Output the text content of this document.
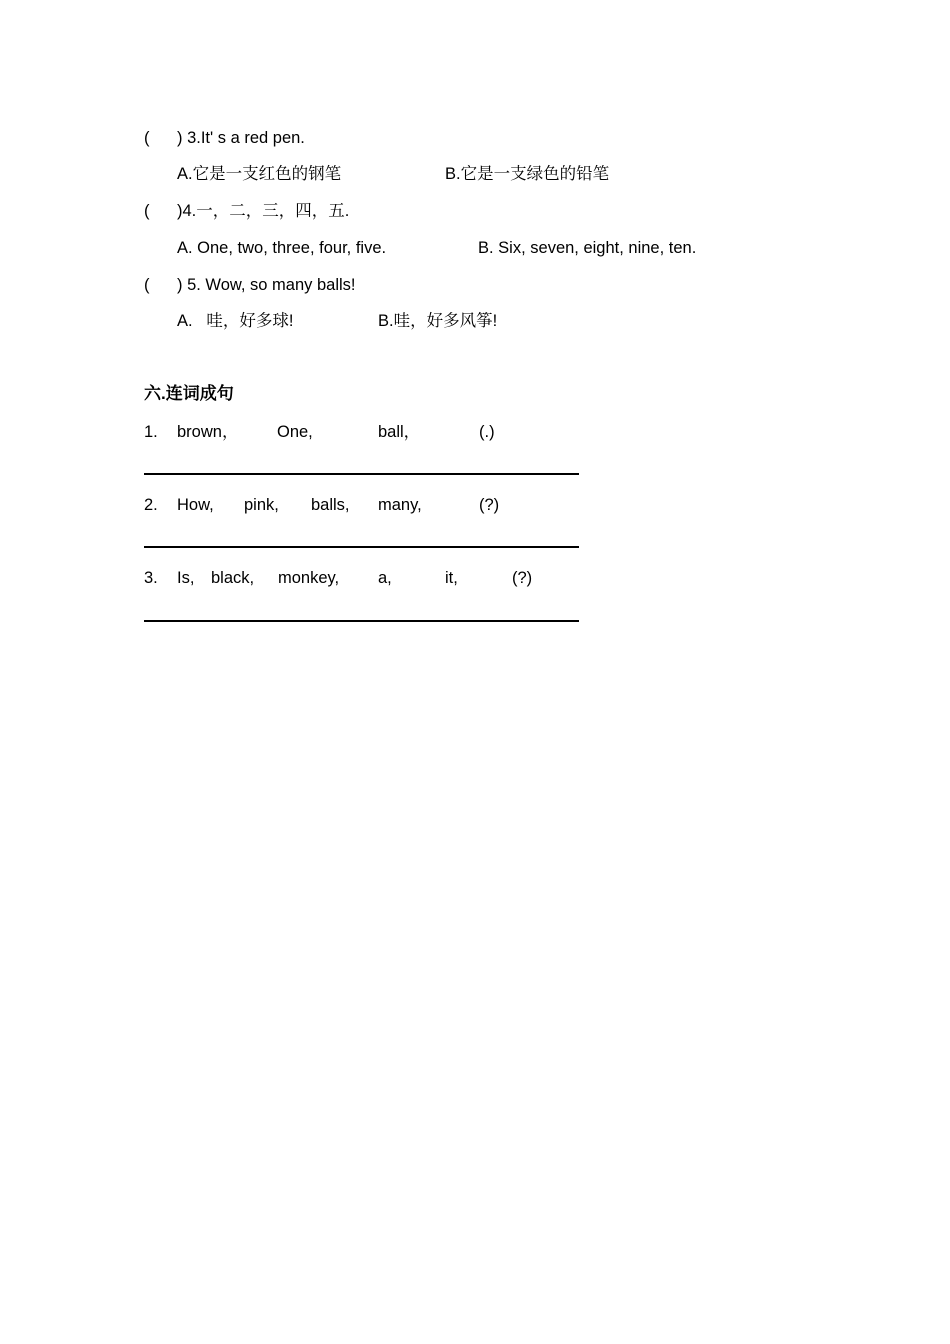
( ) 3.It' s a red pen.
A.它是一支红色的钢笔	B.它是一支绿色的铅笔
( )4.一，二，三，四，五.
A. One, two, three, four, five.	B. Six, seven, eight, nine, ten.
( ) 5. Wow, so many balls!
A.   哇，好多球!	B.哇，好多风筝!
六.连词成句
1. brown， One,	ball，	(.)
2. How, pink, balls, many,	(?)
3. Is, black, monkey, a,	it,	(?)
